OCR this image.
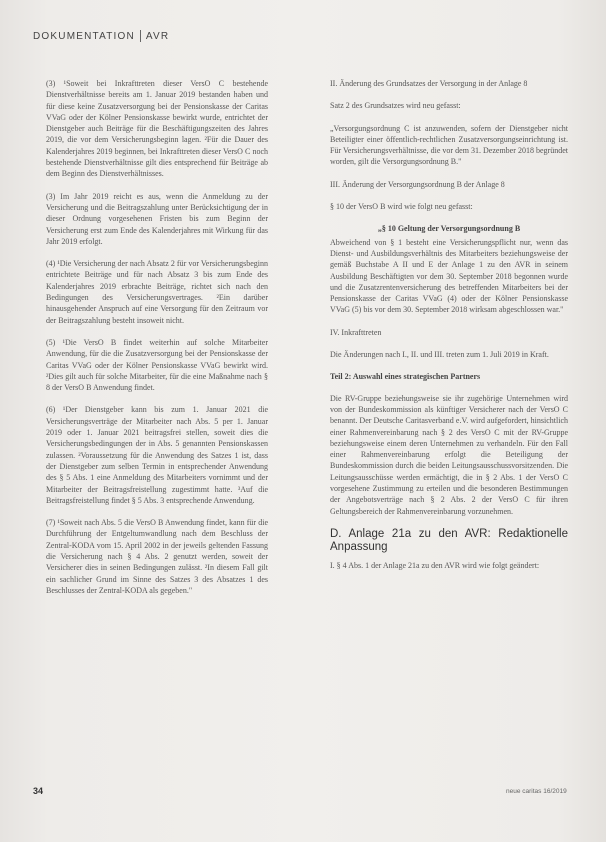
DOKUMENTATION AVR

(3) ¹Soweit bei Inkrafttreten dieser VersO C bestehende Dienstverhältnisse bereits am 1. Januar 2019 bestanden haben und für diese keine Zusatzversorgung bei der Pensionskasse der Caritas VVaG oder der Kölner Pensionskasse bewirkt wurde, entrichtet der Dienstgeber auch Beiträge für die Beschäftigungszeiten des Jahres 2019, die vor dem Versicherungsbeginn lagen. ²Für die Dauer des Kalenderjahres 2019 beginnen, bei Inkrafttreten dieser VersO C noch bestehende Dienstverhältnisse gilt dies entsprechend für Beiträge ab dem Beginn des Dienstverhältnisses.

(3) Im Jahr 2019 reicht es aus, wenn die Anmeldung zu der Versicherung und die Beitragszahlung unter Berücksichtigung der in dieser Ordnung vorgesehenen Fristen bis zum Beginn der Versicherung erst zum Ende des Kalenderjahres mit Wirkung für das Jahr 2019 erfolgt.

(4) ¹Die Versicherung der nach Absatz 2 für vor Versicherungsbeginn entrichtete Beiträge und für nach Absatz 3 bis zum Ende des Kalenderjahres 2019 erbrachte Beiträge, richtet sich nach den Bedingungen des Versicherungsvertrages. ²Ein darüber hinausgehender Anspruch auf eine Versorgung für den Zeitraum vor der Beitragszahlung besteht insoweit nicht.

(5) ¹Die VersO B findet weiterhin auf solche Mitarbeiter Anwendung, für die die Zusatzversorgung bei der Pensionskasse der Caritas VVaG oder der Kölner Pensionskasse VVaG bewirkt wird. ²Dies gilt auch für solche Mitarbeiter, für die eine Maßnahme nach § 8 der VersO B Anwendung findet.

(6) ¹Der Dienstgeber kann bis zum 1. Januar 2021 die Versicherungsverträge der Mitarbeiter nach Abs. 5 per 1. Januar 2019 oder 1. Januar 2021 beitragsfrei stellen, soweit dies die Versicherungsbedingungen der in Abs. 5 genannten Pensionskassen zulassen. ²Voraussetzung für die Anwendung des Satzes 1 ist, dass der Dienstgeber zum selben Termin in entsprechender Anwendung des § 5 Abs. 1 eine Anmeldung des Mitarbeiters vornimmt und der Mitarbeiter der Beitragsfreistellung zugestimmt hatte. ³Auf die Beitragsfreistellung findet § 5 Abs. 3 entsprechende Anwendung.

(7) ¹Soweit nach Abs. 5 die VersO B Anwendung findet, kann für die Durchführung der Entgeltumwandlung nach dem Beschluss der Zentral-KODA vom 15. April 2002 in der jeweils geltenden Fassung die Versicherung nach § 4 Abs. 2 genutzt werden, soweit der Versicherer dies in seinen Bedingungen zulässt. ²In diesem Fall gilt ein sachlicher Grund im Sinne des Satzes 3 des Absatzes 1 des Beschlusses der Zentral-KODA als gegeben."

II. Änderung des Grundsatzes der Versorgung in der Anlage 8

Satz 2 des Grundsatzes wird neu gefasst:

„Versorgungsordnung C ist anzuwenden, sofern der Dienstgeber nicht Beteiligter einer öffentlich-rechtlichen Zusatzversorgungseinrichtung ist. Für Versicherungsverhältnisse, die vor dem 31. Dezember 2018 begründet worden, gilt die Versorgungsordnung B."

III. Änderung der Versorgungsordnung B der Anlage 8

§ 10 der VersO B wird wie folgt neu gefasst:

„§ 10 Geltung der Versorgungsordnung B

Abweichend von § 1 besteht eine Versicherungspflicht nur, wenn das Dienst- und Ausbildungsverhältnis des Mitarbeiters beziehungsweise der gemäß Buchstabe A II und E der Anlage 1 zu den AVR in seinem Ausbildung Beschäftigten vor dem 30. September 2018 begonnen wurde und die Zusatzrentenversicherung des betreffenden Mitarbeiters bei der Pensionskasse der Caritas VVaG (4) oder der Kölner Pensionskasse VVaG (5) bis vor dem 30. September 2018 wirksam abgeschlossen war."

IV. Inkrafttreten

Die Änderungen nach I., II. und III. treten zum 1. Juli 2019 in Kraft.

Teil 2: Auswahl eines strategischen Partners

Die RV-Gruppe beziehungsweise sie ihr zugehörige Unternehmen wird von der Bundeskommission als künftiger Versicherer nach der VersO C benannt. Der Deutsche Caritasverband e.V. wird aufgefordert, hinsichtlich einer Rahmenvereinbarung nach § 2 des VersO C mit der RV-Gruppe beziehungsweise einem deren Unternehmen zu verhandeln. Für den Fall einer Rahmenvereinbarung erfolgt die Beteiligung der Bundeskommission durch die beiden Leitungsausschussvorsitzenden. Die Leitungsausschüsse werden ermächtigt, die in § 2 Abs. 1 der VersO C vorgesehene Zustimmung zu erteilen und die besonderen Bestimmungen der Angebotsverträge nach § 2 Abs. 2 der VersO C für ihren Geltungsbereich der Rahmenvereinbarung vorzunehmen.

D. Anlage 21a zu den AVR: Redaktionelle Anpassung

I. § 4 Abs. 1 der Anlage 21a zu den AVR wird wie folgt geändert:

34	neue caritas 16/2019
